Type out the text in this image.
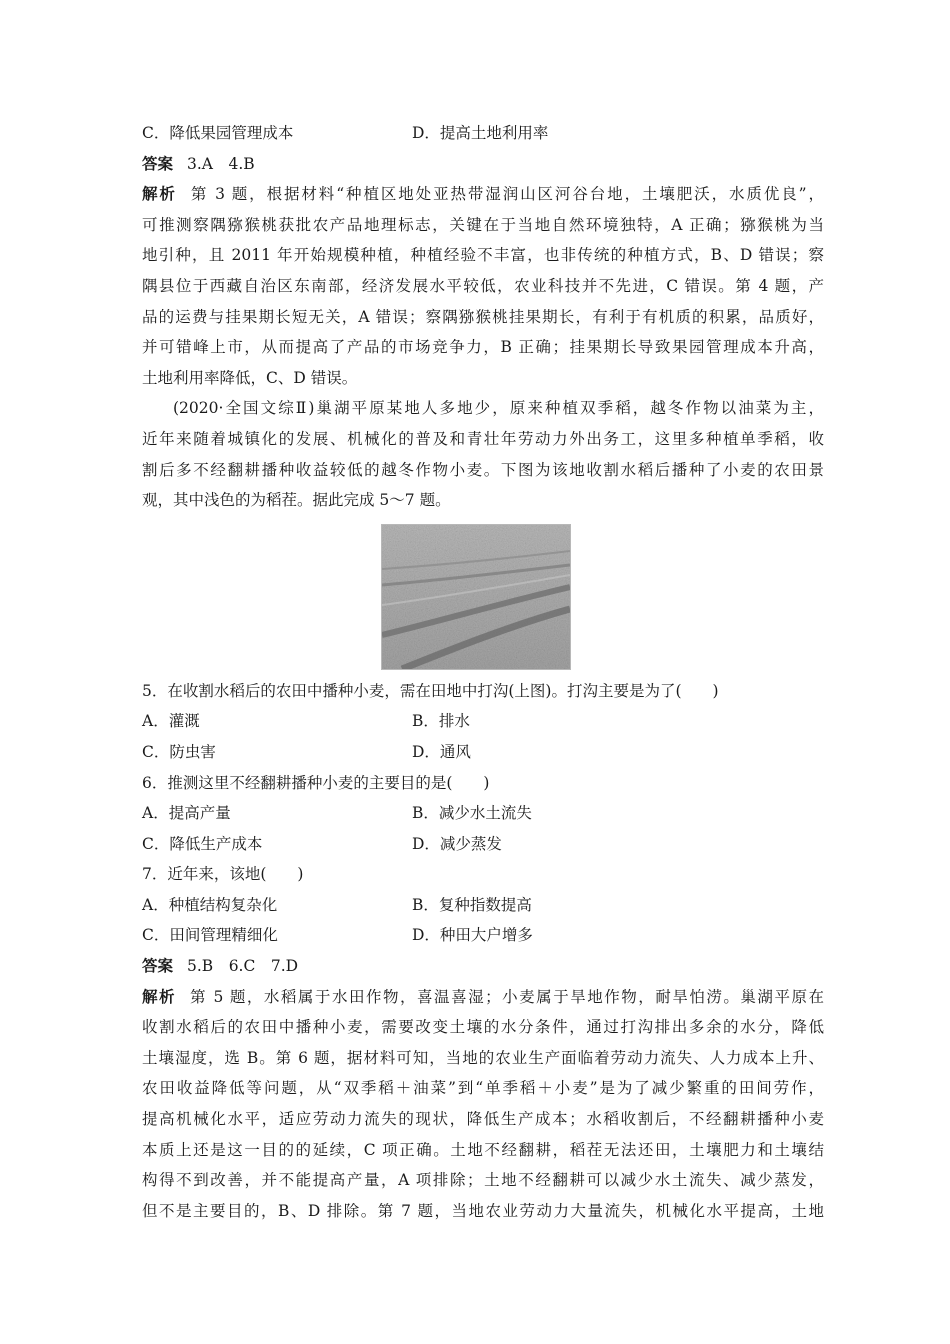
C．降低果园管理成本	D．提高土地利用率
答案 3.A　4.B
解析 第 3 题，根据材料“种植区地处亚热带湿润山区河谷台地，土壤肥沃，水质优良”，
可推测察隅猕猴桃获批农产品地理标志，关键在于当地自然环境独特，A 正确；猕猴桃为当
地引种，且 2011 年开始规模种植，种植经验不丰富，也非传统的种植方式，B、D 错误；察
隅县位于西藏自治区东南部，经济发展水平较低，农业科技并不先进，C 错误。第 4 题，产
品的运费与挂果期长短无关，A 错误；察隅猕猴桃挂果期长，有利于有机质的积累，品质好，
并可错峰上市，从而提高了产品的市场竞争力，B 正确；挂果期长导致果园管理成本升高，
土地利用率降低，C、D 错误。
(2020·全国文综Ⅱ)巢湖平原某地人多地少，原来种植双季稻，越冬作物以油菜为主，
近年来随着城镇化的发展、机械化的普及和青壮年劳动力外出务工，这里多种植单季稻，收
割后多不经翻耕播种收益较低的越冬作物小麦。下图为该地收割水稻后播种了小麦的农田景
观，其中浅色的为稻茬。据此完成 5～7 题。
5．在收割水稻后的农田中播种小麦，需在田地中打沟(上图)。打沟主要是为了(　　)
A．灌溉	B．排水
C．防虫害	D．通风
6．推测这里不经翻耕播种小麦的主要目的是(　　)
A．提高产量	B．减少水土流失
C．降低生产成本	D．减少蒸发
7．近年来，该地(　　)
A．种植结构复杂化	B．复种指数提高
C．田间管理精细化	D．种田大户增多
答案 5.B　6.C　7.D
解析 第 5 题，水稻属于水田作物，喜温喜湿；小麦属于旱地作物，耐旱怕涝。巢湖平原在
收割水稻后的农田中播种小麦，需要改变土壤的水分条件，通过打沟排出多余的水分，降低
土壤湿度，选 B。第 6 题，据材料可知，当地的农业生产面临着劳动力流失、人力成本上升、
农田收益降低等问题，从“双季稻＋油菜”到“单季稻＋小麦”是为了减少繁重的田间劳作，
提高机械化水平，适应劳动力流失的现状，降低生产成本；水稻收割后，不经翻耕播种小麦
本质上还是这一目的的延续，C 项正确。土地不经翻耕，稻茬无法还田，土壤肥力和土壤结
构得不到改善，并不能提高产量，A 项排除；土地不经翻耕可以减少水土流失、减少蒸发，
但不是主要目的，B、D 排除。第 7 题，当地农业劳动力大量流失，机械化水平提高，土地
